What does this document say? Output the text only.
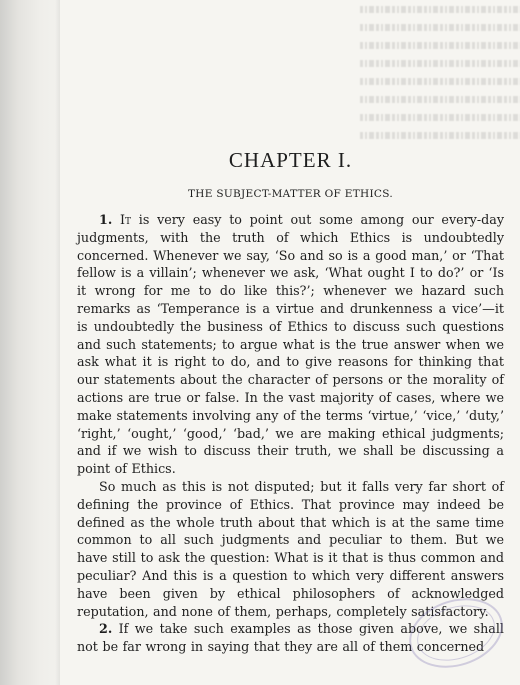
CHAPTER I.
THE SUBJECT-MATTER OF ETHICS.

1. It is very easy to point out some among our every-day judgments, with the truth of which Ethics is undoubtedly concerned. Whenever we say, ‘So and so is a good man,’ or ‘That fellow is a villain’; whenever we ask, ‘What ought I to do?’ or ‘Is it wrong for me to do like this?’; whenever we hazard such remarks as ‘Temperance is a virtue and drunkenness a vice’—it is undoubtedly the business of Ethics to discuss such questions and such statements; to argue what is the true answer when we ask what it is right to do, and to give reasons for thinking that our statements about the character of persons or the morality of actions are true or false. In the vast majority of cases, where we make statements involving any of the terms ‘virtue,’ ‘vice,’ ‘duty,’ ‘right,’ ‘ought,’ ‘good,’ ‘bad,’ we are making ethical judgments; and if we wish to discuss their truth, we shall be discussing a point of Ethics.

So much as this is not disputed; but it falls very far short of defining the province of Ethics. That province may indeed be defined as the whole truth about that which is at the same time common to all such judgments and peculiar to them. But we have still to ask the question: What is it that is thus common and peculiar? And this is a question to which very different answers have been given by ethical philosophers of acknowledged reputation, and none of them, perhaps, completely satisfactory.

2. If we take such examples as those given above, we shall not be far wrong in saying that they are all of them concerned
